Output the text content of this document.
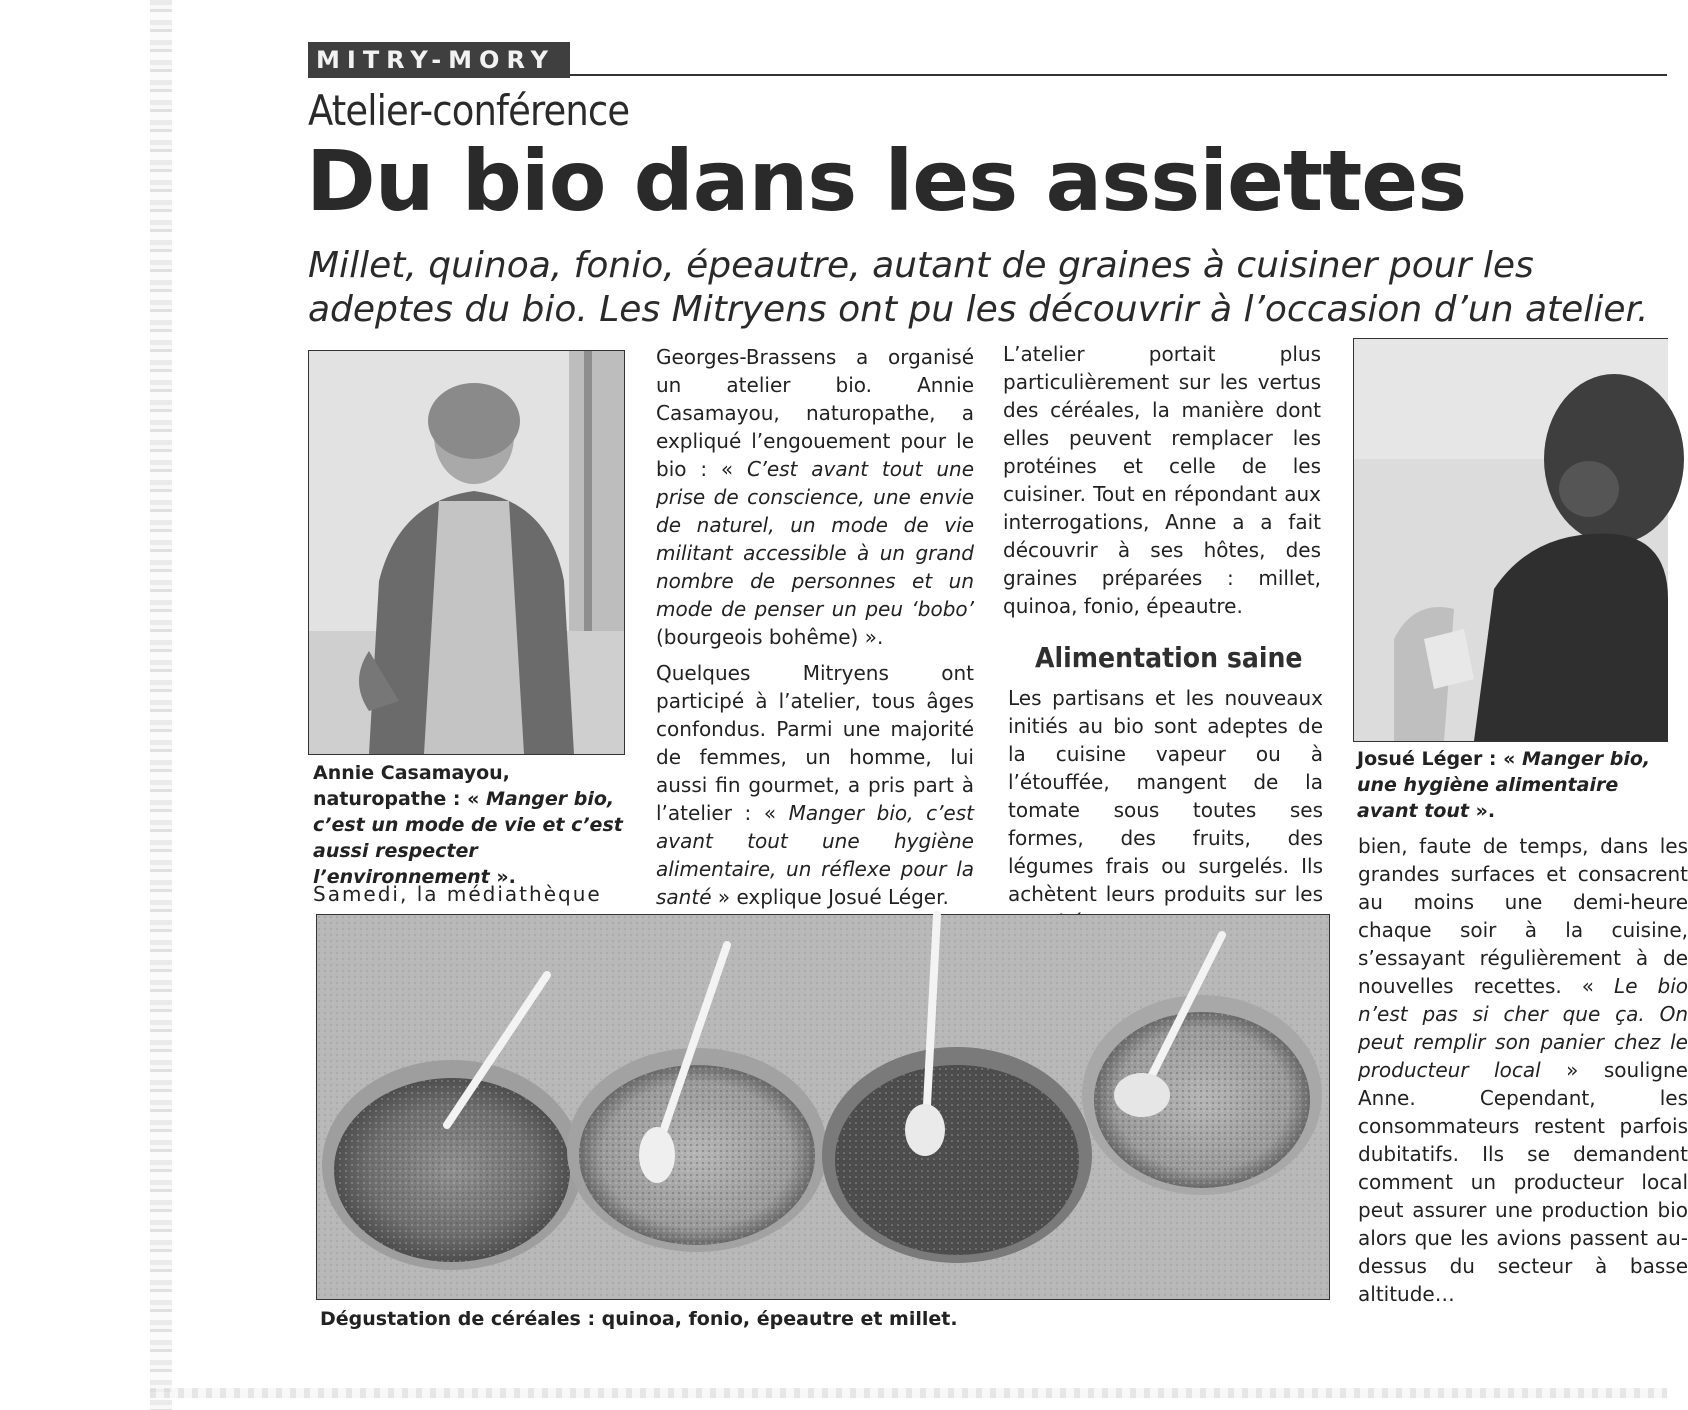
MITRY-MORY
Atelier-conférence
Du bio dans les assiettes
Millet, quinoa, fonio, épeautre, autant de graines à cuisiner pour les adeptes du bio. Les Mitryens ont pu les découvrir à l’occasion d’un atelier.
Annie Casamayou, naturopathe : « Manger bio, c’est un mode de vie et c’est aussi respecter l’environnement ».
Samedi, la médiathèque

Georges-Brassens a organisé un atelier bio. Annie Casamayou, naturopathe, a expliqué l’engouement pour le bio : « C’est avant tout une prise de conscience, une envie de naturel, un mode de vie militant accessible à un grand nombre de personnes et un mode de penser un peu ‘bobo’ (bourgeois bohême) ».

Quelques Mitryens ont participé à l’atelier, tous âges confondus. Parmi une majorité de femmes, un homme, lui aussi fin gourmet, a pris part à l’atelier : « Manger bio, c’est avant tout une hygiène alimentaire, un réflexe pour la santé » explique Josué Léger.

L’atelier portait plus particulièrement sur les vertus des céréales, la manière dont elles peuvent remplacer les protéines et celle de les cuisiner. Tout en répondant aux interrogations, Anne a a fait découvrir à ses hôtes, des graines préparées : millet, quinoa, fonio, épeautre.

Alimentation saine

Les partisans et les nouveaux initiés au bio sont adeptes de la cuisine vapeur ou à l’étouffée, mangent de la tomate sous toutes ses formes, des fruits, des légumes frais ou surgelés. Ils achètent leurs produits sur les

Josué Léger : « Manger bio, une hygiène alimentaire avant tout ».

bien, faute de temps, dans les grandes surfaces et consacrent au moins une demi-heure chaque soir à la cuisine, s’essayant régulièrement à de nouvelles recettes. « Le bio n’est pas si cher que ça. On peut remplir son panier chez le producteur local » souligne Anne. Cependant, les consommateurs restent parfois dubitatifs. Ils se demandent comment un producteur local peut assurer une production bio alors que les avions passent au-dessus du secteur à basse altitude…

Dégustation de céréales : quinoa, fonio, épeautre et millet.
